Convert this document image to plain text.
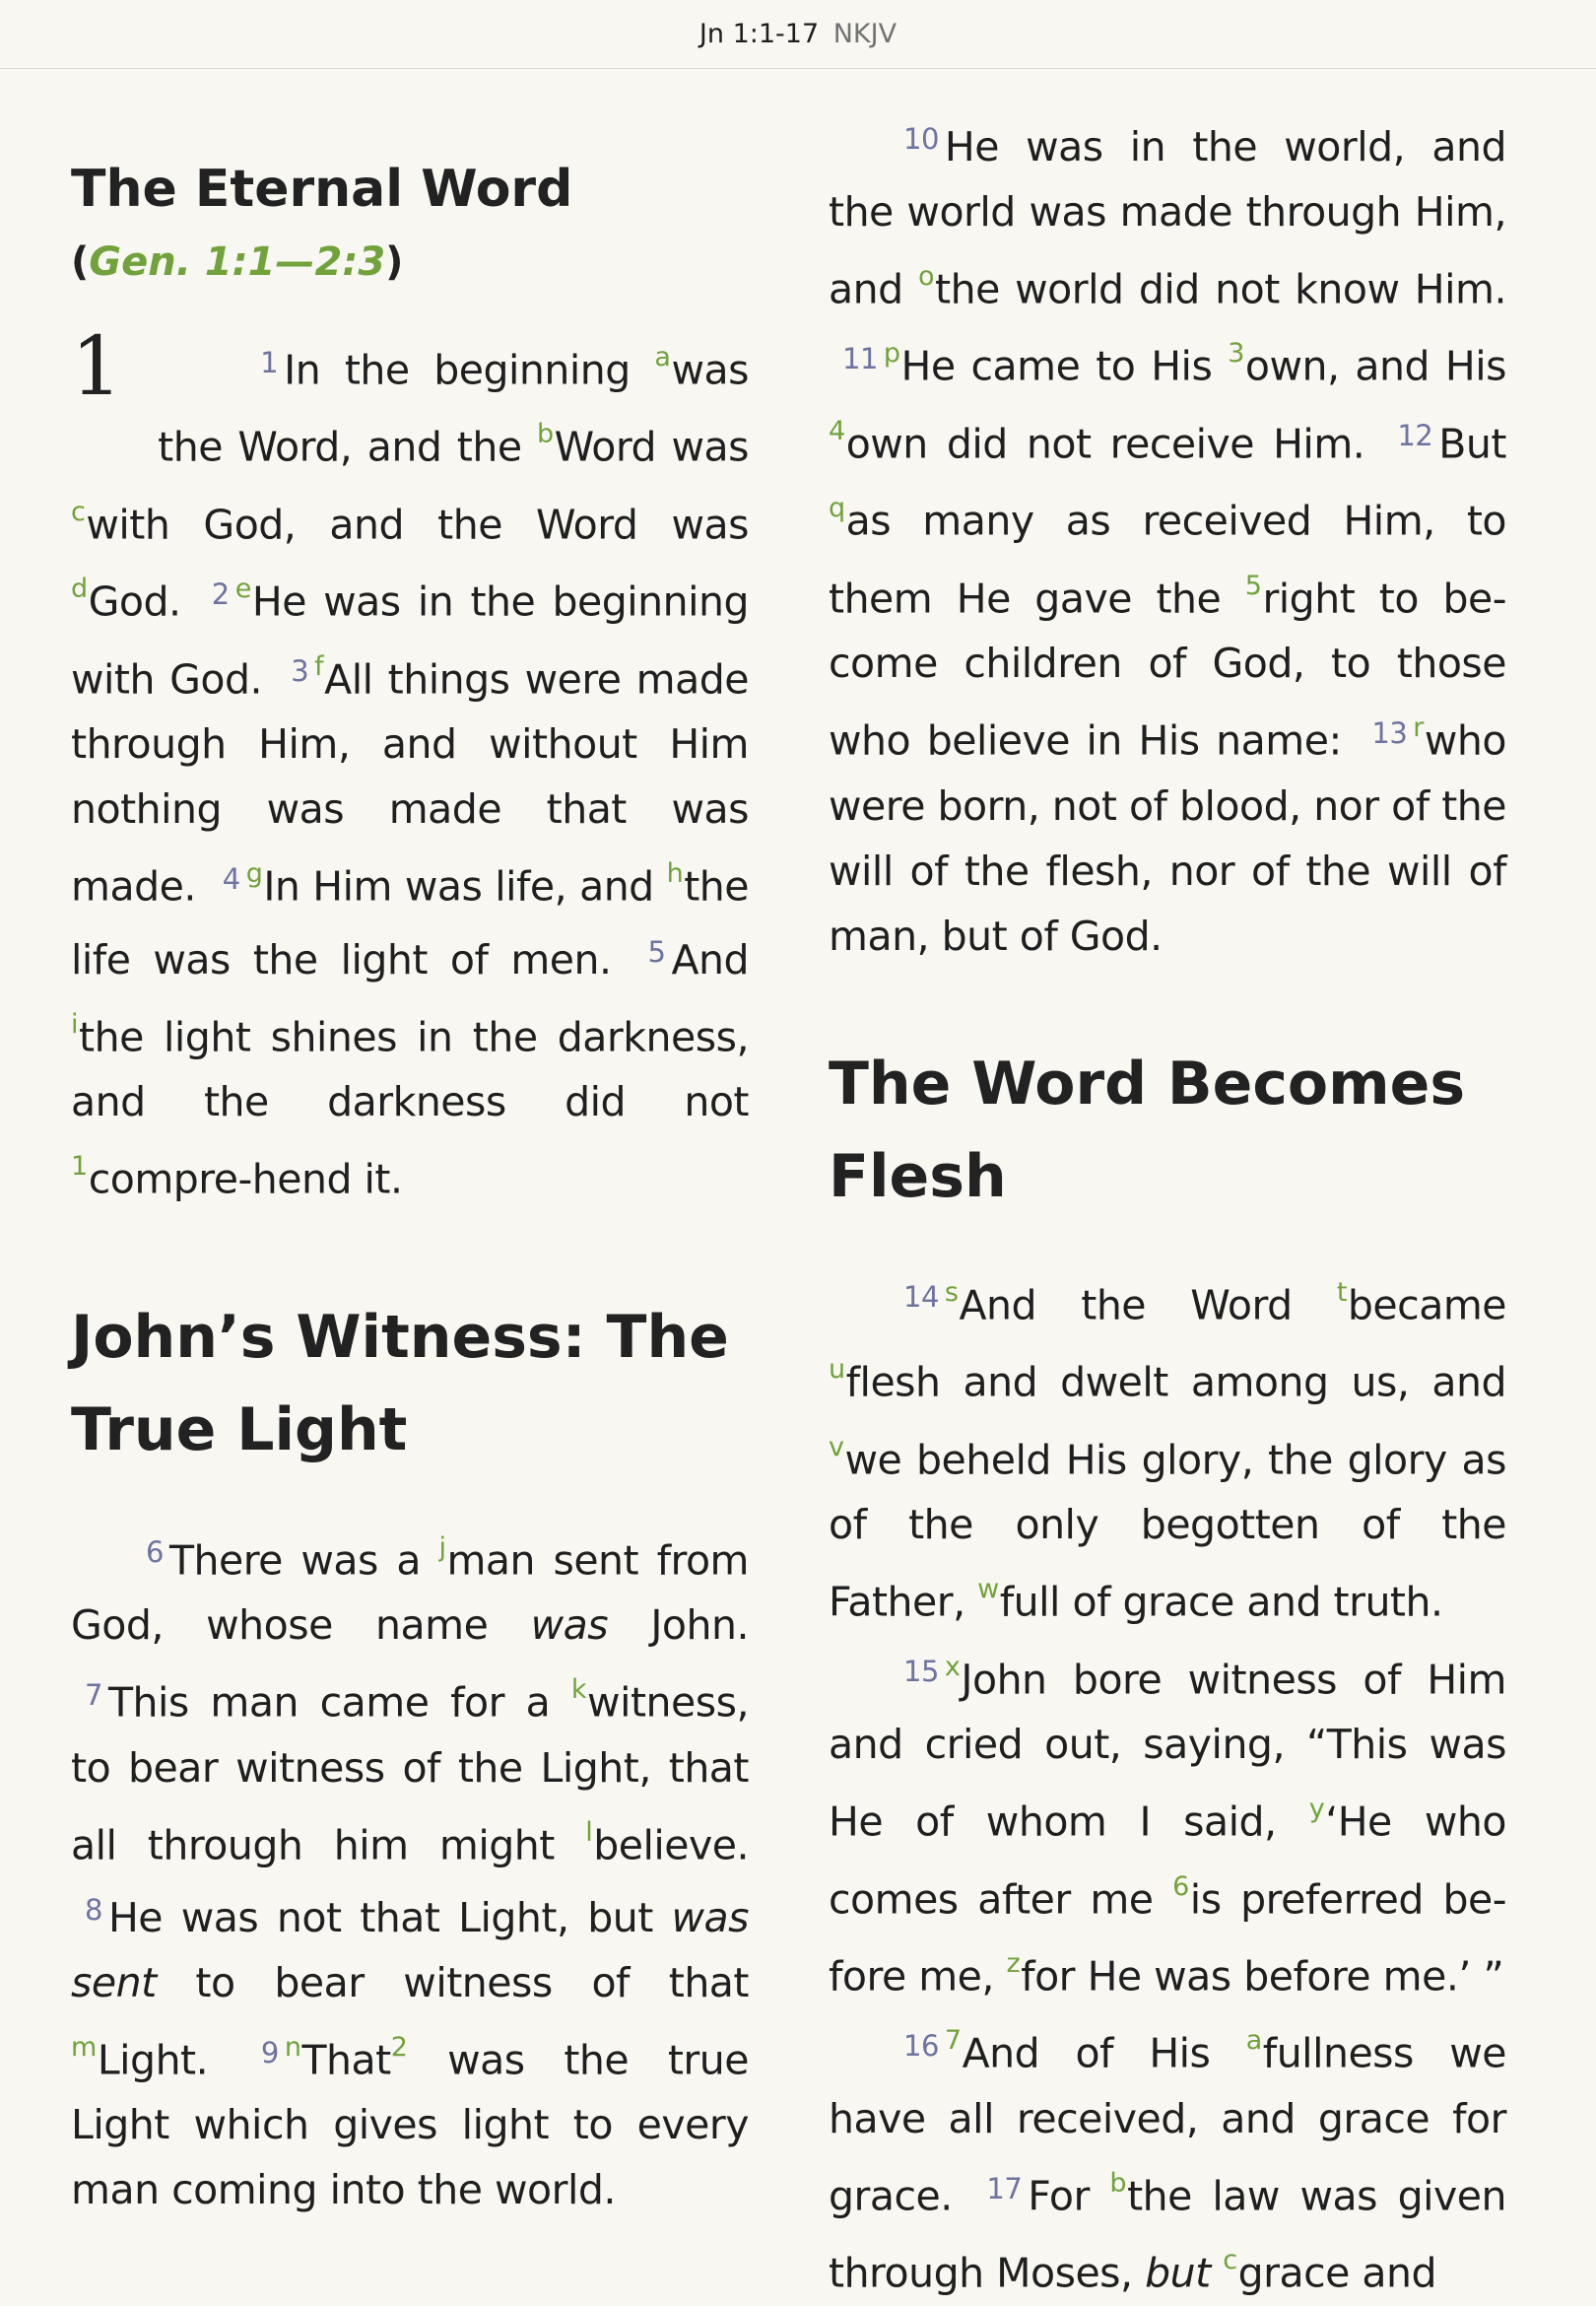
Jn 1:1-17 NKJV
The Eternal Word
(Gen. 1:1—2:3)
1	$^1$ In the beginning $^a$was the Word, and the $^b$Word was $^c$with God, and the Word was $^d$God. $^2$ $^e$He was in the beginning with God. $^3$ $^f$All things were made through Him, and without Him nothing was made that was made. $^4$ $^g$In Him was life, and $^h$the life was the light of men. $^5$ And $^i$the light shines in the darkness, and the darkness did not $^1$compre-hend it.

John’s Witness: The True Light

$^6$ There was a $^j$man sent from God, whose name was John. $^7$ This man came for a $^k$witness, to bear witness of the Light, that all through him might $^l$believe. $^8$ He was not that Light, but was sent to bear witness of that $^m$Light. $^9$ $^n$That$^2$ was the true Light which gives light to every man coming into the world.

$^{10}$ He was in the world, and the world was made through Him, and $^o$the world did not know Him. $^{11}$ $^p$He came to His $^3$own, and His $^4$own did not receive Him. $^{12}$ But $^q$as many as received Him, to them He gave the $^5$right to be-come children of God, to those who believe in His name: $^{13}$ $^r$who were born, not of blood, nor of the will of the flesh, nor of the will of man, but of God.

The Word Becomes Flesh

$^{14}$ $^s$And the Word $^t$became $^u$flesh and dwelt among us, and $^v$we beheld His glory, the glory as of the only begotten of the Father, $^w$full of grace and truth.

$^{15}$ $^x$John bore witness of Him and cried out, saying, “This was He of whom I said, $^y$‘He who comes after me $^6$is preferred be-fore me, $^z$for He was before me.’ ”

$^{16}$ $^7$And of His $^a$fullness we have all received, and grace for grace. $^{17}$ For $^b$the law was given through Moses, but $^c$grace and
